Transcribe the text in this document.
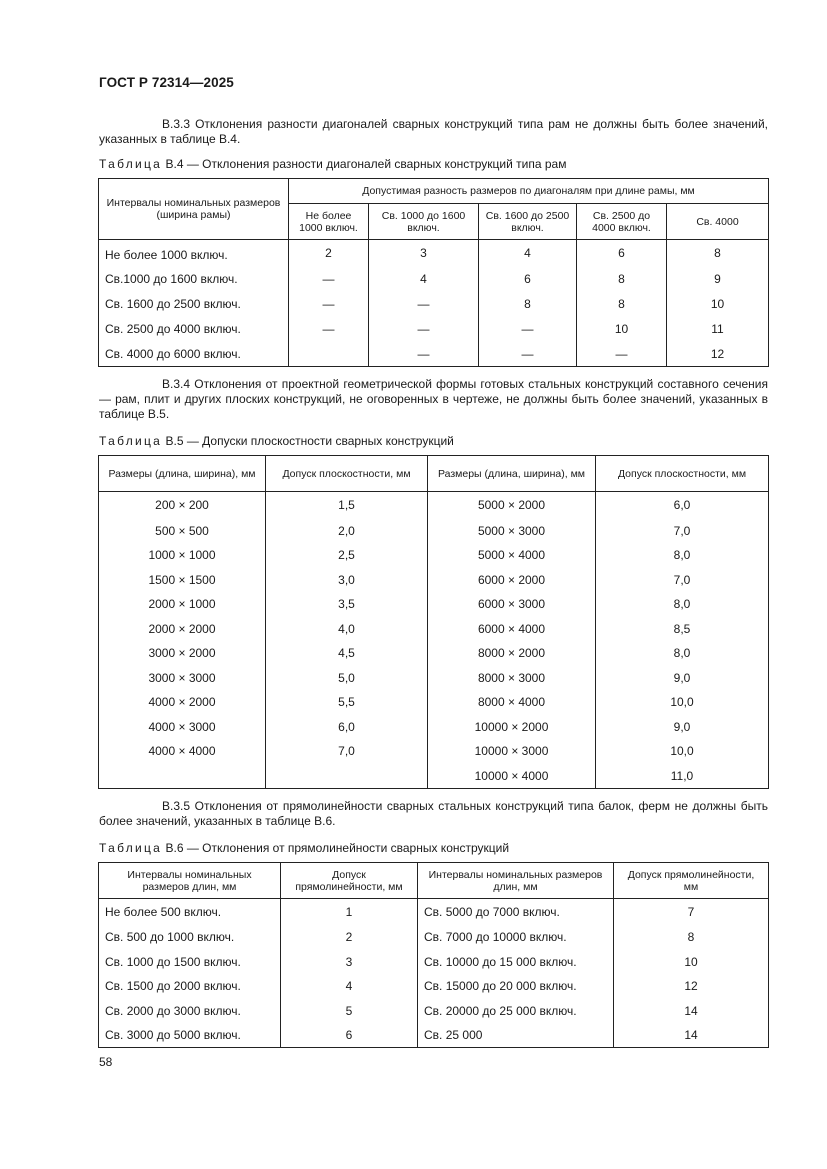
ГОСТ Р 72314—2025

В.3.3 Отклонения разности диагоналей сварных конструкций типа рам не должны быть более значений, указанных в таблице В.4.

Таблица В.4 — Отклонения разности диагоналей сварных конструкций типа рам
Интервалы номинальных размеров (ширина рамы)	Допустимая разность размеров по диагоналям при длине рамы, мм				
	Не более 1000 включ.	Св. 1000 до 1600 включ.	Св. 1600 до 2500 включ.	Св. 2500 до 4000 включ.	Св. 4000
Не более 1000 включ.	2	3	4	6	8
Св.1000 до 1600 включ.	—	4	6	8	9
Св. 1600 до 2500 включ.	—	—	8	8	10
Св. 2500 до 4000 включ.	—	—	—	10	11
Св. 4000 до 6000 включ.		—	—	—	12

В.3.4 Отклонения от проектной геометрической формы готовых стальных конструкций составного сечения — рам, плит и других плоских конструкций, не оговоренных в чертеже, не должны быть более значений, указанных в таблице В.5.

Таблица В.5 — Допуски плоскостности сварных конструкций
Размеры (длина, ширина), мм	Допуск плоскостности, мм	Размеры (длина, ширина), мм	Допуск плоскостности, мм
200 × 200	1,5	5000 × 2000	6,0
500 × 500	2,0	5000 × 3000	7,0
1000 × 1000	2,5	5000 × 4000	8,0
1500 × 1500	3,0	6000 × 2000	7,0
2000 × 1000	3,5	6000 × 3000	8,0
2000 × 2000	4,0	6000 × 4000	8,5
3000 × 2000	4,5	8000 × 2000	8,0
3000 × 3000	5,0	8000 × 3000	9,0
4000 × 2000	5,5	8000 × 4000	10,0
4000 × 3000	6,0	10000 × 2000	9,0
4000 × 4000	7,0	10000 × 3000	10,0
		10000 × 4000	11,0

В.3.5 Отклонения от прямолинейности сварных стальных конструкций типа балок, ферм не должны быть более значений, указанных в таблице В.6.

Таблица В.6 — Отклонения от прямолинейности сварных конструкций
Интервалы номинальных размеров длин, мм	Допуск прямолинейности, мм	Интервалы номинальных размеров длин, мм	Допуск прямолинейности, мм
Не более 500 включ.	1	Св. 5000 до 7000 включ.	7
Св. 500 до 1000 включ.	2	Св. 7000 до 10000 включ.	8
Св. 1000 до 1500 включ.	3	Св. 10000 до 15 000 включ.	10
Св. 1500 до 2000 включ.	4	Св. 15000 до 20 000 включ.	12
Св. 2000 до 3000 включ.	5	Св. 20000 до 25 000 включ.	14
Св. 3000 до 5000 включ.	6	Св. 25 000	14
58
